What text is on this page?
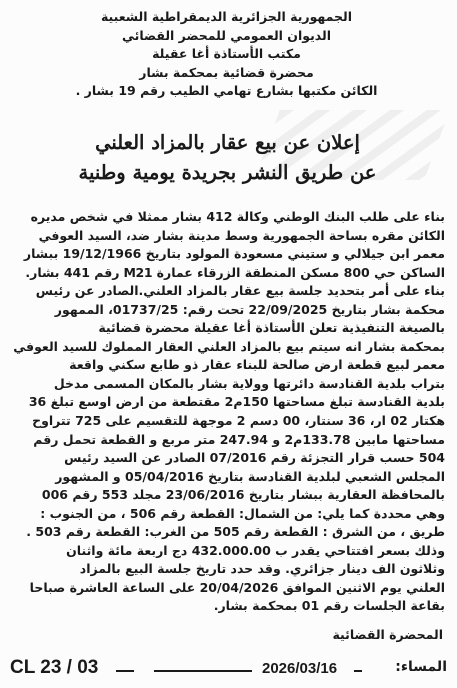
الجمهورية الجزائرية الديمقراطية الشعبية
الديوان العمومي للمحضر القضائي
مكتب الأستاذة أغا عقيلة
محضرة قضائية بمحكمة بشار
الكائن مكتبها بشارع تهامي الطيب رقم 19 بشار .
إعلان عن بيع عقار بالمزاد العلني
عن طريق النشر بجريدة يومية وطنية
بناء على طلب البنك الوطني وكالة 412 بشار ممثلا في شخص مديره
الكائن مقره بساحة الجمهورية وسط مدينة بشار ضد، السيد العوفي
معمر ابن جيلالي و ستيني مسعودة المولود بتاريخ 19/12/1966 ببشار
الساكن حي 800 مسكن المنطقة الزرقاء عمارة M21 رقم 441 بشار.
بناء على أمر بتحديد جلسة بيع عقار بالمزاد العلني.الصادر عن رئيس
محكمة بشار بتاريخ 22/09/2025 تحت رقم: 01737/25، الممهور
بالصيغة التنفيذية تعلن الأستاذة أغا عقيلة محضرة قضائية
بمحكمة بشار انه سيتم بيع بالمزاد العلني العقار المملوك للسيد العوفي
معمر لبيع قطعة ارض صالحة للبناء عقار ذو طابع سكني واقعة
بتراب بلدية القنادسة دائرتها وولاية بشار بالمكان المسمى مدخل
بلدية القنادسة تبلغ مساحتها 150م2 مقتطعة من ارض اوسع تبلغ 36
هكتار 02 ار، 36 سنتار، 00 دسم 2 موجهة للتقسيم على 725 تتراوح
مساحتها مابين 133.78م2 و 247.94 متر مربع و القطعة تحمل رقم
504 حسب قرار التجزئة رقم 07/2016 الصادر عن السيد رئيس
المجلس الشعبي لبلدية القنادسة بتاريخ 05/04/2016 و المشهور
بالمحافظة العقارية ببشار بتاريخ 23/06/2016 مجلد 553 رقم 006
وهي محددة كما يلي: من الشمال: القطعة رقم 506 ، من الجنوب :
طريق ، من الشرق : القطعة رقم 505 من الغرب: القطعة رقم 503 .
وذلك بسعر افتتاحي يقدر ب 432.000.00 دج اربعة مائة واثنان
وثلاثون الف دينار جزائري. وقد حدد تاريخ جلسة البيع بالمزاد
العلني يوم الاثنين الموافق 20/04/2026 على الساعة العاشرة صباحا
بقاعة الجلسات رقم 01 بمحكمة بشار.
المحضرة القضائية
CL 23 / 03	2026/03/16	المساء:
